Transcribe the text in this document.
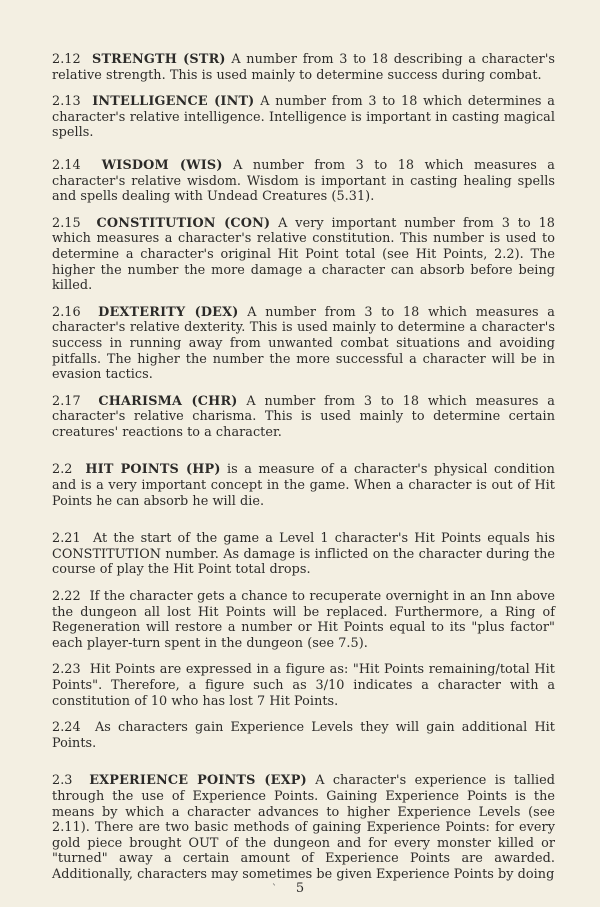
2.12 STRENGTH (STR) A number from 3 to 18 describing a character's relative strength. This is used mainly to determine success during combat.

2.13 INTELLIGENCE (INT) A number from 3 to 18 which determines a character's relative intelligence. Intelligence is important in casting magical spells.

2.14 WISDOM (WIS) A number from 3 to 18 which measures a character's relative wisdom. Wisdom is important in casting healing spells and spells dealing with Undead Creatures (5.31).

2.15 CONSTITUTION (CON) A very important number from 3 to 18 which measures a character's relative constitution. This number is used to determine a character's original Hit Point total (see Hit Points, 2.2). The higher the number the more damage a character can absorb before being killed.

2.16 DEXTERITY (DEX) A number from 3 to 18 which measures a character's relative dexterity. This is used mainly to determine a character's success in running away from unwanted combat situations and avoiding pitfalls. The higher the number the more successful a character will be in evasion tactics.

2.17 CHARISMA (CHR) A number from 3 to 18 which measures a character's relative charisma. This is used mainly to determine certain creatures' reactions to a character.

2.2 HIT POINTS (HP) is a measure of a character's physical condition and is a very important concept in the game. When a character is out of Hit Points he can absorb he will die.

2.21 At the start of the game a Level 1 character's Hit Points equals his CONSTITUTION number. As damage is inflicted on the character during the course of play the Hit Point total drops.

2.22 If the character gets a chance to recuperate overnight in an Inn above the dungeon all lost Hit Points will be replaced. Furthermore, a Ring of Regeneration will restore a number or Hit Points equal to its "plus factor" each player-turn spent in the dungeon (see 7.5).

2.23 Hit Points are expressed in a figure as: "Hit Points remaining/total Hit Points". Therefore, a figure such as 3/10 indicates a character with a constitution of 10 who has lost 7 Hit Points.

2.24 As characters gain Experience Levels they will gain additional Hit Points.

2.3 EXPERIENCE POINTS (EXP) A character's experience is tallied through the use of Experience Points. Gaining Experience Points is the means by which a character advances to higher Experience Levels (see 2.11). There are two basic methods of gaining Experience Points: for every gold piece brought OUT of the dungeon and for every monster killed or "turned" away a certain amount of Experience Points are awarded. Additionally, characters may sometimes be given Experience Points by doing

`	5
